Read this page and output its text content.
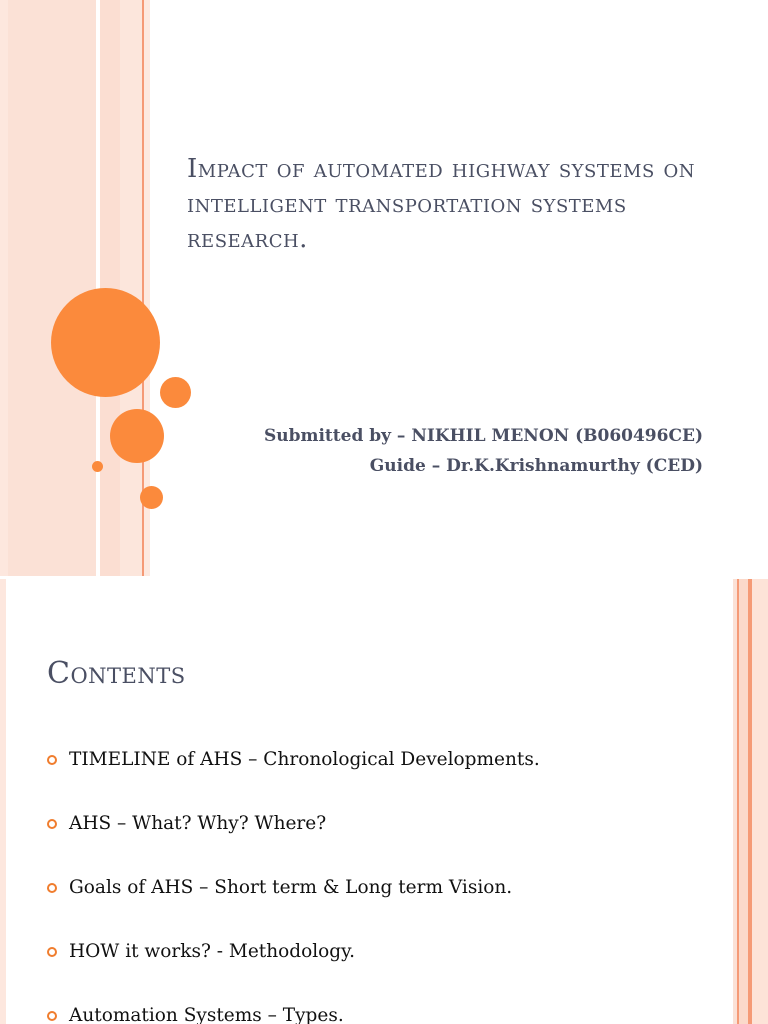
Impact of automated highway systems on intelligent transportation systems research.
Submitted by – NIKHIL MENON (B060496CE)
Guide – Dr.K.Krishnamurthy (CED)
Contents
TIMELINE of AHS – Chronological Developments.
AHS – What? Why? Where?
Goals of AHS – Short term & Long term Vision.
HOW it works? - Methodology.
Automation Systems – Types.
